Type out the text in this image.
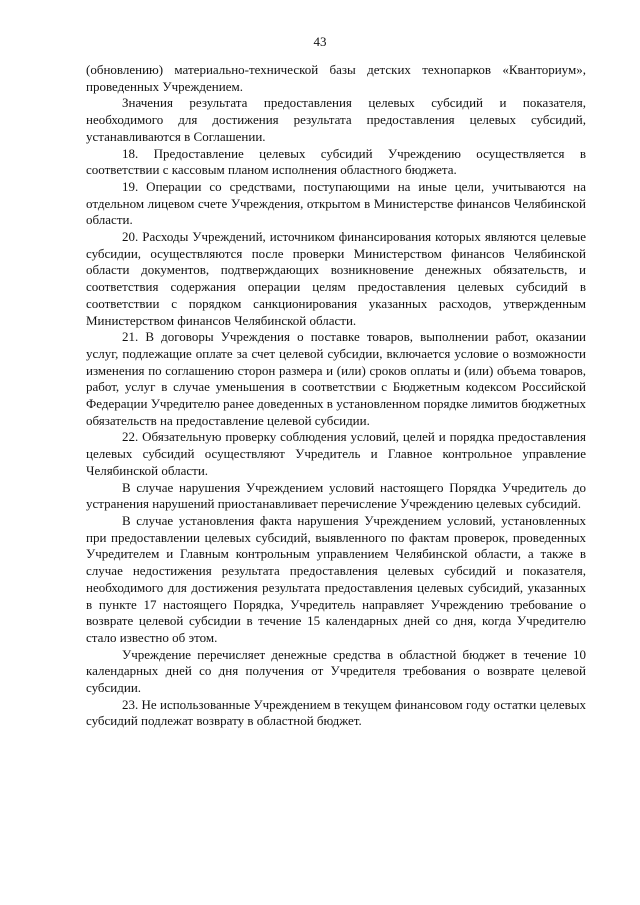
43

(обновлению) материально-технической базы детских технопарков «Кванториум», проведенных Учреждением.

Значения результата предоставления целевых субсидий и показателя, необходимого для достижения результата предоставления целевых субсидий, устанавливаются в Соглашении.

18. Предоставление целевых субсидий Учреждению осуществляется в соответствии с кассовым планом исполнения областного бюджета.

19. Операции со средствами, поступающими на иные цели, учитываются на отдельном лицевом счете Учреждения, открытом в Министерстве финансов Челябинской области.

20. Расходы Учреждений, источником финансирования которых являются целевые субсидии, осуществляются после проверки Министерством финансов Челябинской области документов, подтверждающих возникновение денежных обязательств, и соответствия содержания операции целям предоставления целевых субсидий в соответствии с порядком санкционирования указанных расходов, утвержденным Министерством финансов Челябинской области.

21. В договоры Учреждения о поставке товаров, выполнении работ, оказании услуг, подлежащие оплате за счет целевой субсидии, включается условие о возможности изменения по соглашению сторон размера и (или) сроков оплаты и (или) объема товаров, работ, услуг в случае уменьшения в соответствии с Бюджетным кодексом Российской Федерации Учредителю ранее доведенных в установленном порядке лимитов бюджетных обязательств на предоставление целевой субсидии.

22. Обязательную проверку соблюдения условий, целей и порядка предоставления целевых субсидий осуществляют Учредитель и Главное контрольное управление Челябинской области.

В случае нарушения Учреждением условий настоящего Порядка Учредитель до устранения нарушений приостанавливает перечисление Учреждению целевых субсидий.

В случае установления факта нарушения Учреждением условий, установленных при предоставлении целевых субсидий, выявленного по фактам проверок, проведенных Учредителем и Главным контрольным управлением Челябинской области, а также в случае недостижения результата предоставления целевых субсидий и показателя, необходимого для достижения результата предоставления целевых субсидий, указанных в пункте 17 настоящего Порядка, Учредитель направляет Учреждению требование о возврате целевой субсидии в течение 15 календарных дней со дня, когда Учредителю стало известно об этом.

Учреждение перечисляет денежные средства в областной бюджет в течение 10 календарных дней со дня получения от Учредителя требования о возврате целевой субсидии.

23. Не использованные Учреждением в текущем финансовом году остатки целевых субсидий подлежат возврату в областной бюджет.
